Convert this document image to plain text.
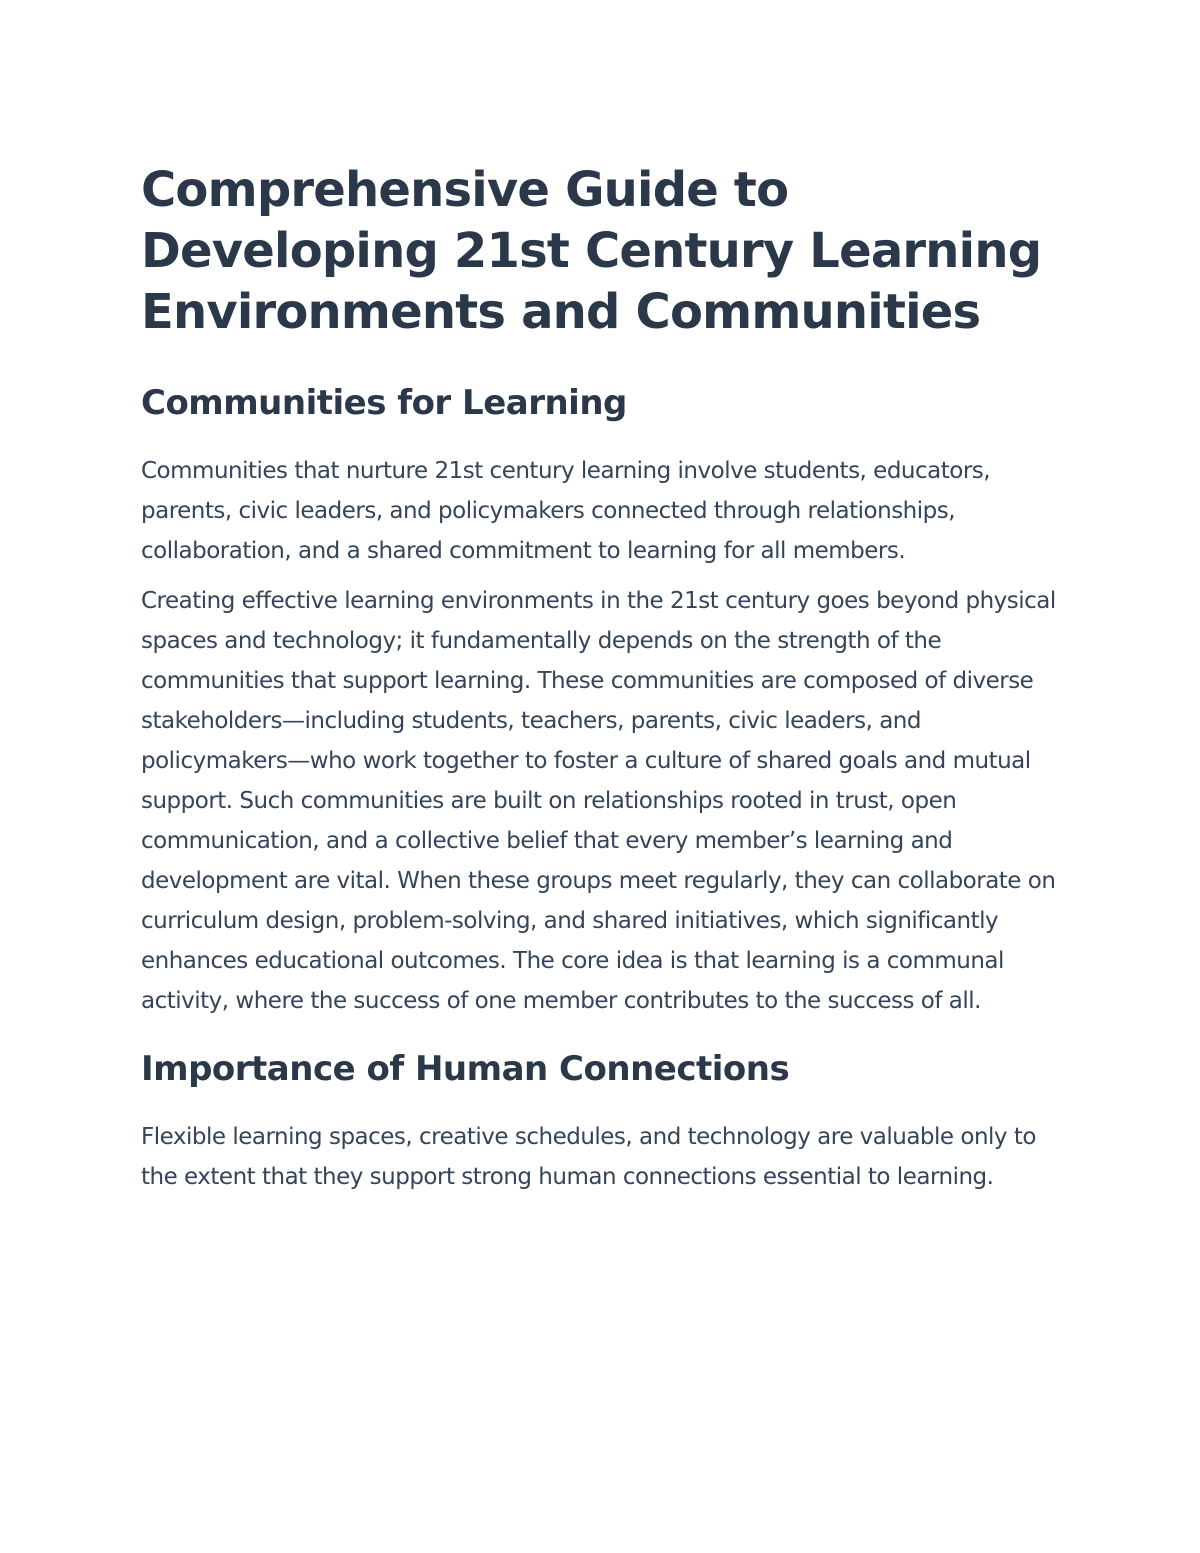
Comprehensive Guide to Developing 21st Century Learning Environments and Communities
Communities for Learning

Communities that nurture 21st century learning involve students, educators, parents, civic leaders, and policymakers connected through relationships, collaboration, and a shared commitment to learning for all members.

Creating effective learning environments in the 21st century goes beyond physical spaces and technology; it fundamentally depends on the strength of the communities that support learning. These communities are composed of diverse stakeholders—including students, teachers, parents, civic leaders, and policymakers—who work together to foster a culture of shared goals and mutual support. Such communities are built on relationships rooted in trust, open communication, and a collective belief that every member’s learning and development are vital. When these groups meet regularly, they can collaborate on curriculum design, problem-solving, and shared initiatives, which significantly enhances educational outcomes. The core idea is that learning is a communal activity, where the success of one member contributes to the success of all.

Importance of Human Connections

Flexible learning spaces, creative schedules, and technology are valuable only to the extent that they support strong human connections essential to learning.
